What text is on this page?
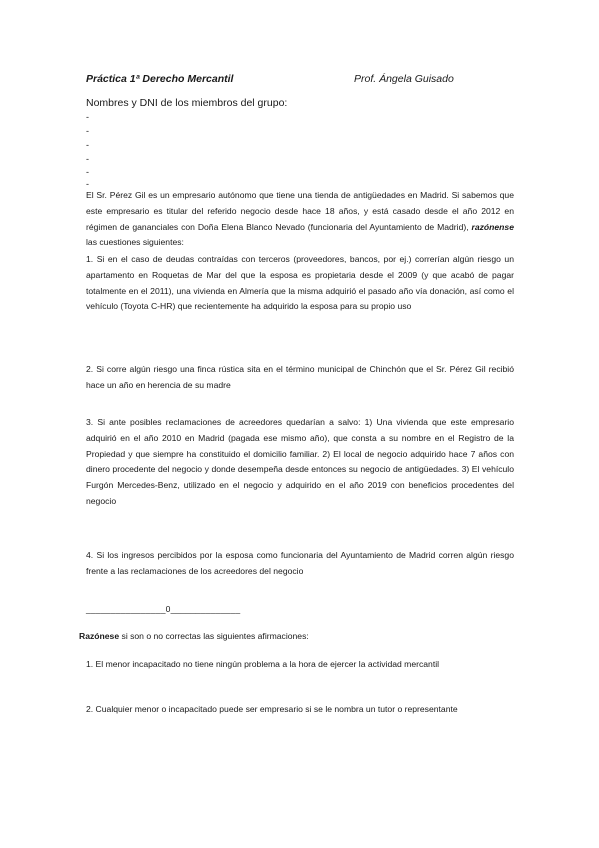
Práctica 1ª Derecho Mercantil	Prof. Ángela Guisado
Nombres y DNI de los miembros del grupo:
-
-
-
-
-
-

El Sr. Pérez Gil es un empresario autónomo que tiene una tienda de antigüedades en Madrid. Si sabemos que este empresario es titular del referido negocio desde hace 18 años, y está casado desde el año 2012 en régimen de gananciales con Doña Elena Blanco Nevado (funcionaria del Ayuntamiento de Madrid), razónense las cuestiones siguientes:

1. Si en el caso de deudas contraídas con terceros (proveedores, bancos, por ej.) correrían algún riesgo un apartamento en Roquetas de Mar del que la esposa es propietaria desde el 2009 (y que acabó de pagar totalmente en el 2011), una vivienda en Almería que la misma adquirió el pasado año vía donación, así como el vehículo (Toyota C-HR) que recientemente ha adquirido la esposa para su propio uso

2. Si corre algún riesgo una finca rústica sita en el término municipal de Chinchón que el Sr. Pérez Gil recibió hace un año en herencia de su madre

3. Si ante posibles reclamaciones de acreedores quedarían a salvo: 1) Una vivienda que este empresario adquirió en el año 2010 en Madrid (pagada ese mismo año), que consta a su nombre en el Registro de la Propiedad y que siempre ha constituido el domicilio familiar. 2) El local de negocio adquirido hace 7 años con dinero procedente del negocio y donde desempeña desde entonces su negocio de antigüedades. 3) El vehículo Furgón Mercedes-Benz, utilizado en el negocio y adquirido en el año 2019 con beneficios procedentes del negocio

4. Si los ingresos percibidos por la esposa como funcionaria del Ayuntamiento de Madrid corren algún riesgo frente a las reclamaciones de los acreedores del negocio

________________0______________
Razónese si son o no correctas las siguientes afirmaciones:

1. El menor incapacitado no tiene ningún problema a la hora de ejercer la actividad mercantil

2. Cualquier menor o incapacitado puede ser empresario si se le nombra un tutor o representante
